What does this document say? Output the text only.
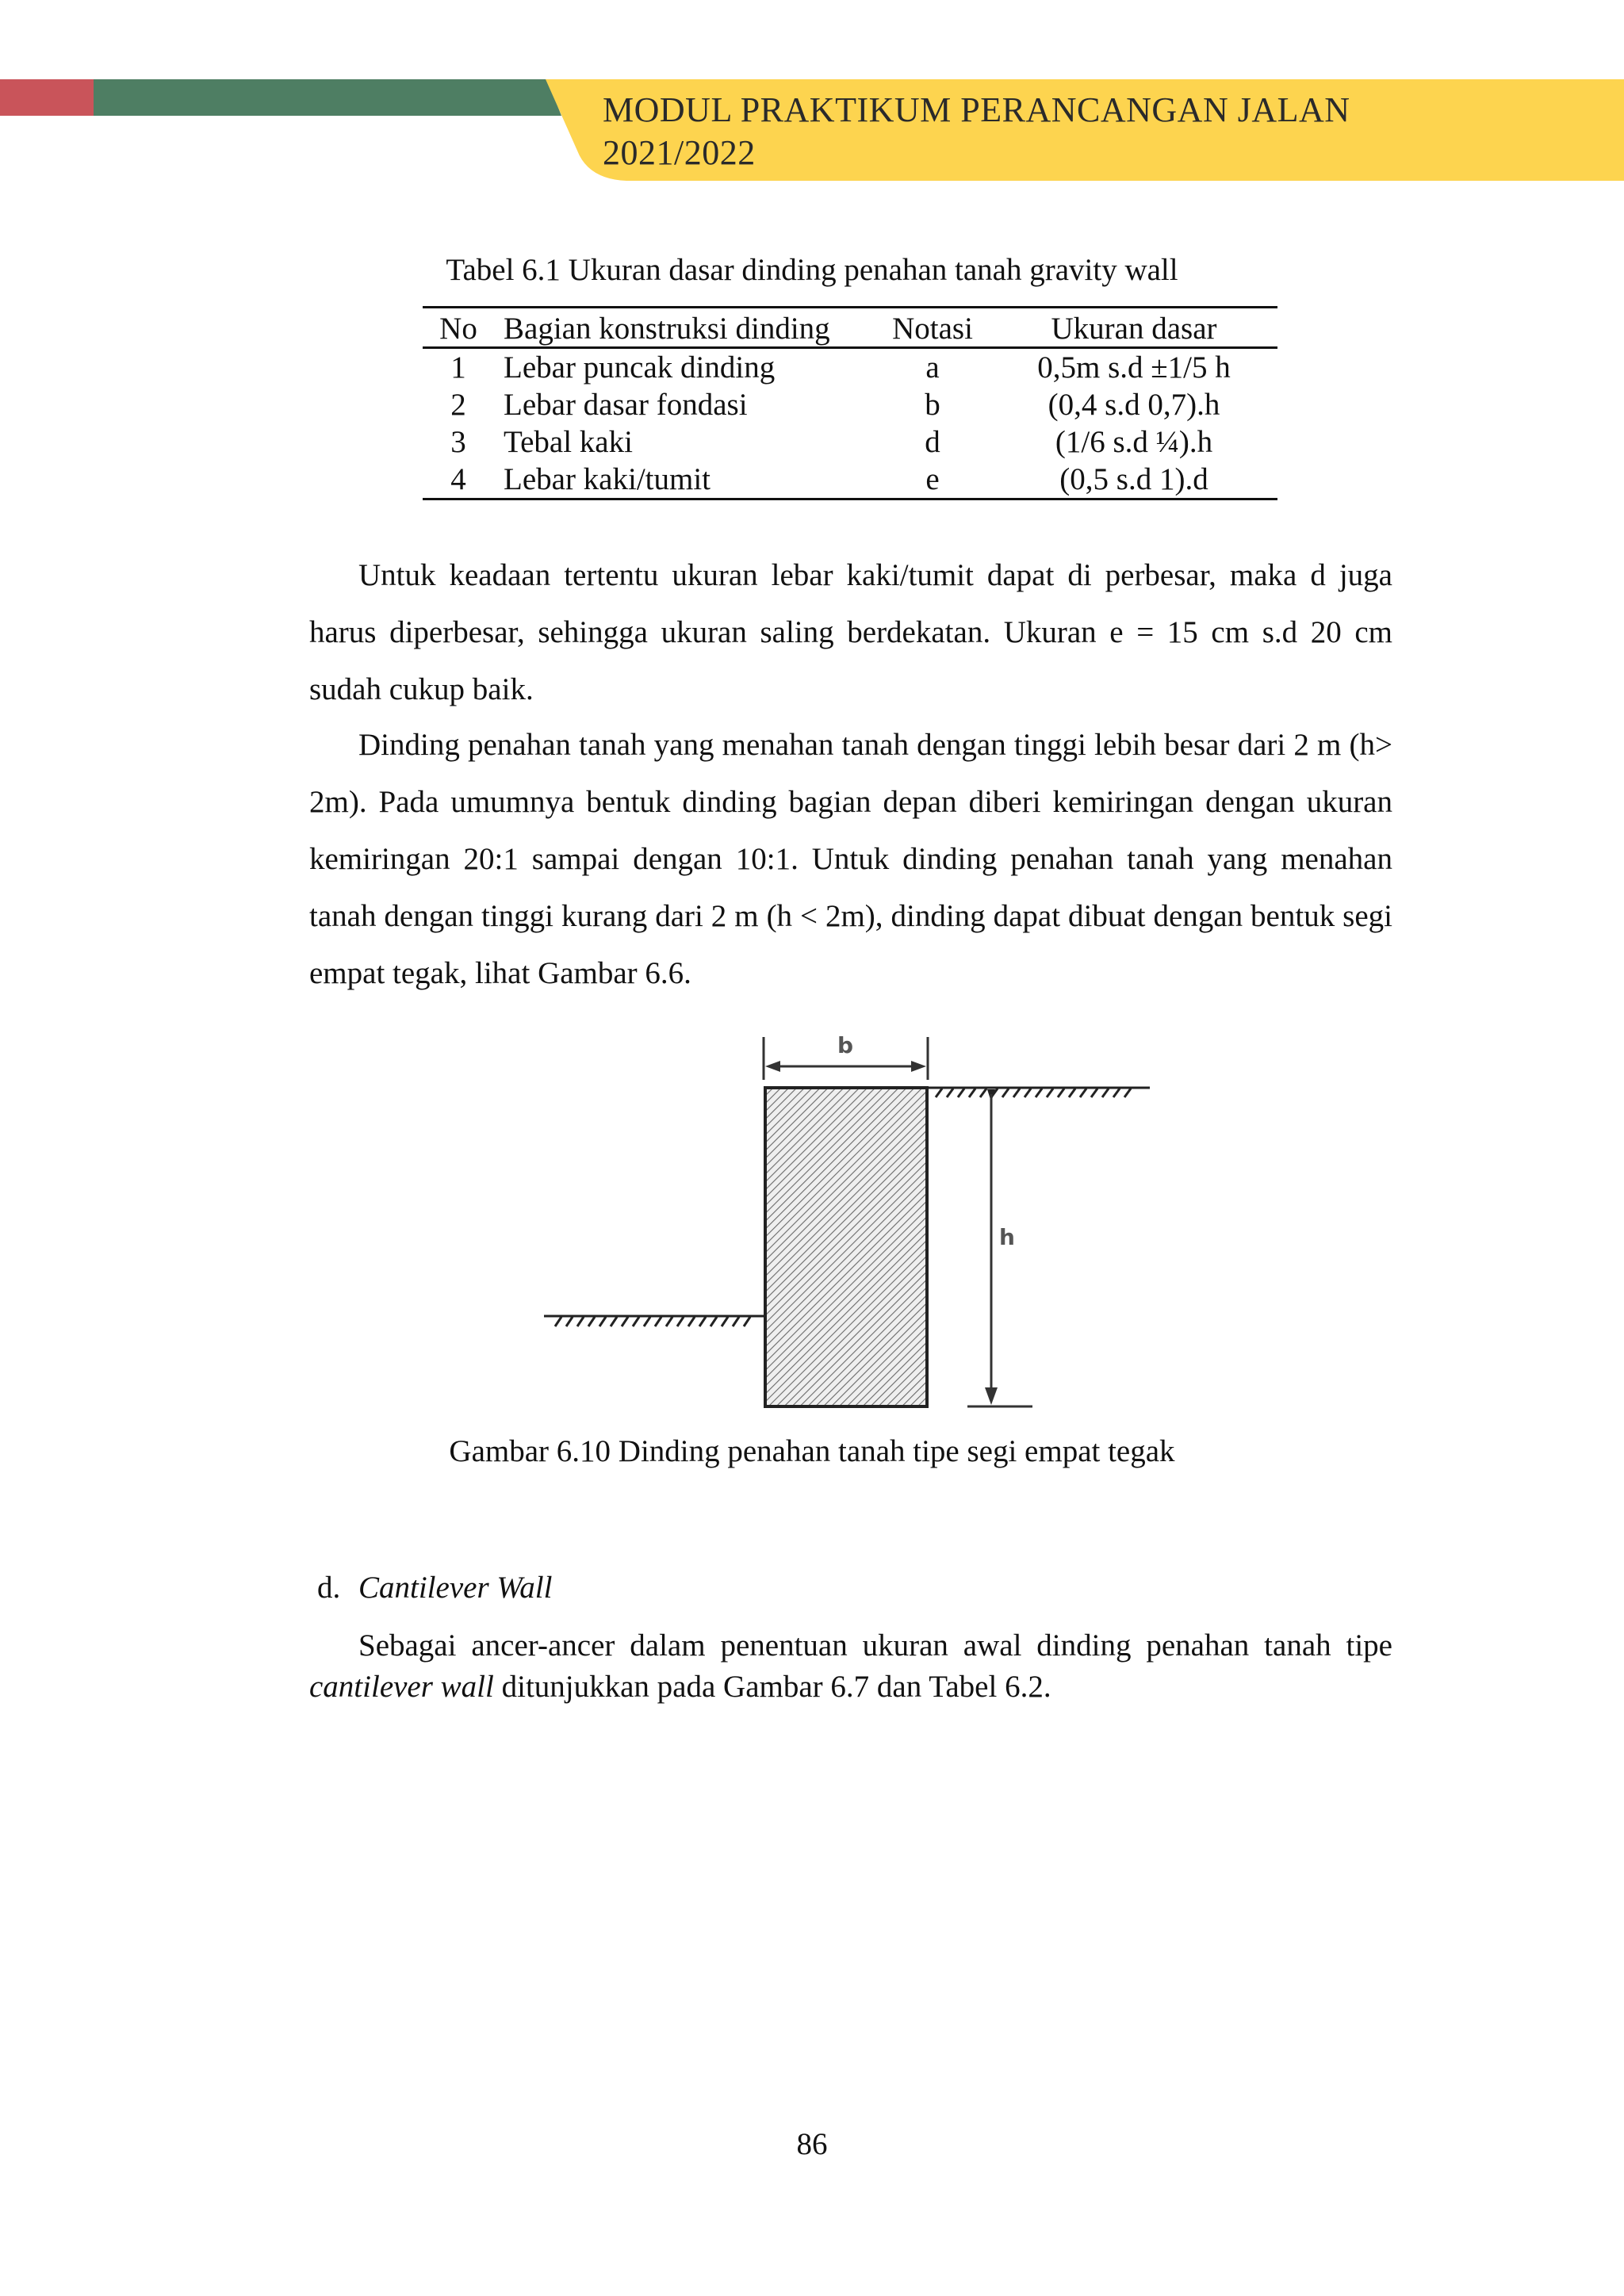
MODUL PRAKTIKUM PERANCANGAN JALAN
2021/2022
Tabel 6.1 Ukuran dasar dinding penahan tanah gravity wall
No	Bagian konstruksi dinding	Notasi	Ukuran dasar
1	Lebar puncak dinding	a	0,5m s.d ±1/5 h
2	Lebar dasar fondasi	b	(0,4 s.d 0,7).h
3	Tebal kaki	d	(1/6 s.d ¼).h
4	Lebar kaki/tumit	e	(0,5 s.d 1).d

Untuk keadaan tertentu ukuran lebar kaki/tumit dapat di perbesar, maka d juga harus diperbesar, sehingga ukuran saling berdekatan. Ukuran e = 15 cm s.d 20 cm sudah cukup baik.

Dinding penahan tanah yang menahan tanah dengan tinggi lebih besar dari 2 m (h> 2m). Pada umumnya bentuk dinding bagian depan diberi kemiringan dengan ukuran kemiringan 20:1 sampai dengan 10:1. Untuk dinding penahan tanah yang menahan tanah dengan tinggi kurang dari 2 m (h < 2m), dinding dapat dibuat dengan bentuk segi empat tegak, lihat Gambar 6.6.

b
h
Gambar 6.10 Dinding penahan tanah tipe segi empat tegak
d. Cantilever Wall

Sebagai ancer-ancer dalam penentuan ukuran awal dinding penahan tanah tipe cantilever wall ditunjukkan pada Gambar 6.7 dan Tabel 6.2.

86
